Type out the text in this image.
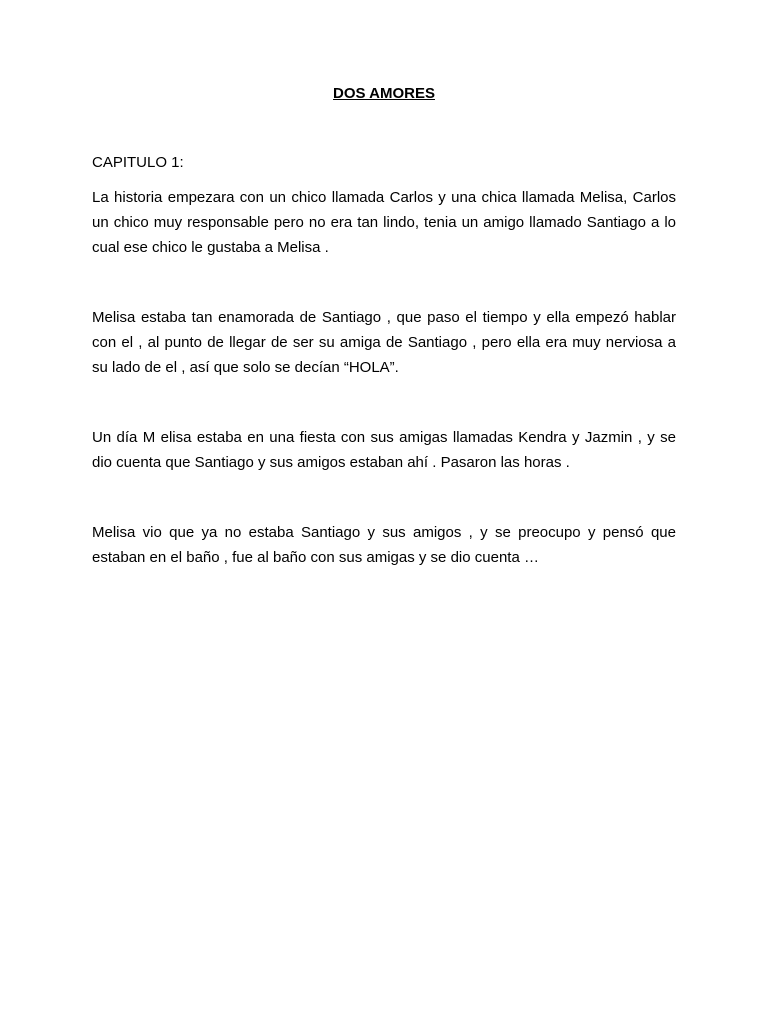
DOS AMORES

CAPITULO 1:

La historia empezara con un chico llamada Carlos y una chica llamada Melisa, Carlos un chico muy responsable pero no era tan lindo, tenia un amigo llamado Santiago a lo cual ese chico le gustaba a Melisa .

Melisa estaba tan enamorada de Santiago , que paso el tiempo y ella empezó hablar con el , al punto de llegar de ser su amiga de Santiago , pero ella era muy nerviosa a su lado de el , así que solo se decían “HOLA”.

Un día M elisa estaba en una fiesta con sus amigas llamadas Kendra y Jazmin , y se dio cuenta que Santiago y sus amigos estaban ahí . Pasaron las horas .

Melisa vio que ya no estaba Santiago y sus amigos , y se preocupo y pensó que estaban en el baño , fue al baño con sus amigas y se dio cuenta …
